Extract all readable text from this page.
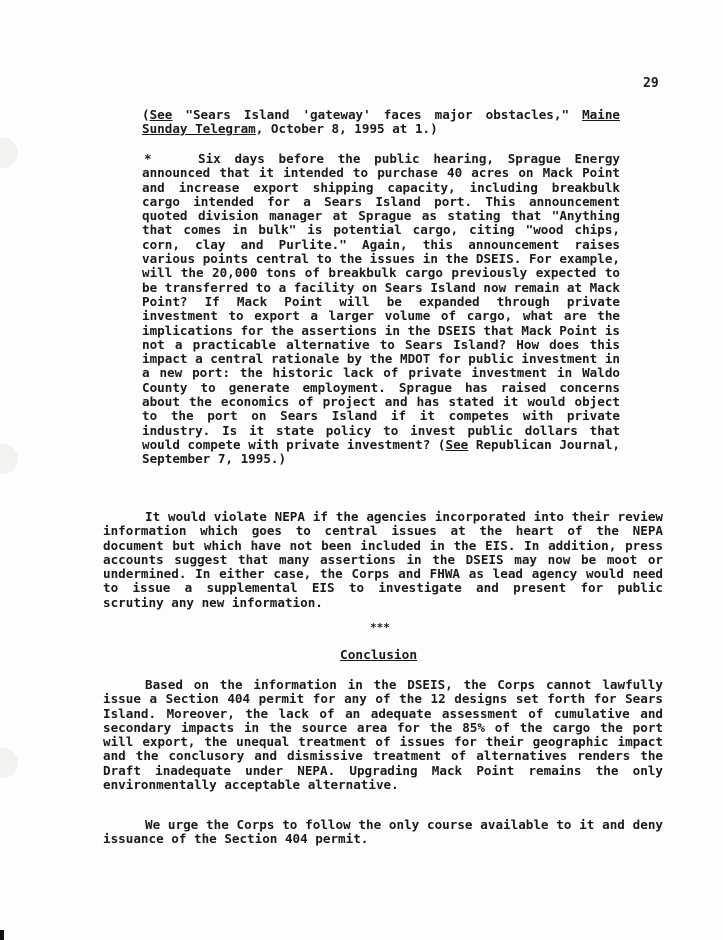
29
(See "Sears Island 'gateway' faces major obstacles," Maine Sunday Telegram, October 8, 1995 at 1.)
*	Six days before the public hearing, Sprague Energy announced that it intended to purchase 40 acres on Mack Point and increase export shipping capacity, including breakbulk cargo intended for a Sears Island port. This announcement quoted division manager at Sprague as stating that "Anything that comes in bulk" is potential cargo, citing "wood chips, corn, clay and Purlite." Again, this announcement raises various points central to the issues in the DSEIS. For example, will the 20,000 tons of breakbulk cargo previously expected to be transferred to a facility on Sears Island now remain at Mack Point? If Mack Point will be expanded through private investment to export a larger volume of cargo, what are the implications for the assertions in the DSEIS that Mack Point is not a practicable alternative to Sears Island? How does this impact a central rationale by the MDOT for public investment in a new port: the historic lack of private investment in Waldo County to generate employment. Sprague has raised concerns about the economics of project and has stated it would object to the port on Sears Island if it competes with private industry. Is it state policy to invest public dollars that would compete with private investment? (See Republican Journal, September 7, 1995.)
It would violate NEPA if the agencies incorporated into their review information which goes to central issues at the heart of the NEPA document but which have not been included in the EIS. In addition, press accounts suggest that many assertions in the DSEIS may now be moot or undermined. In either case, the Corps and FHWA as lead agency would need to issue a supplemental EIS to investigate and present for public scrutiny any new information.
***
Conclusion
Based on the information in the DSEIS, the Corps cannot lawfully issue a Section 404 permit for any of the 12 designs set forth for Sears Island. Moreover, the lack of an adequate assessment of cumulative and secondary impacts in the source area for the 85% of the cargo the port will export, the unequal treatment of issues for their geographic impact and the conclusory and dismissive treatment of alternatives renders the Draft inadequate under NEPA. Upgrading Mack Point remains the only environmentally acceptable alternative.
We urge the Corps to follow the only course available to it and deny issuance of the Section 404 permit.
